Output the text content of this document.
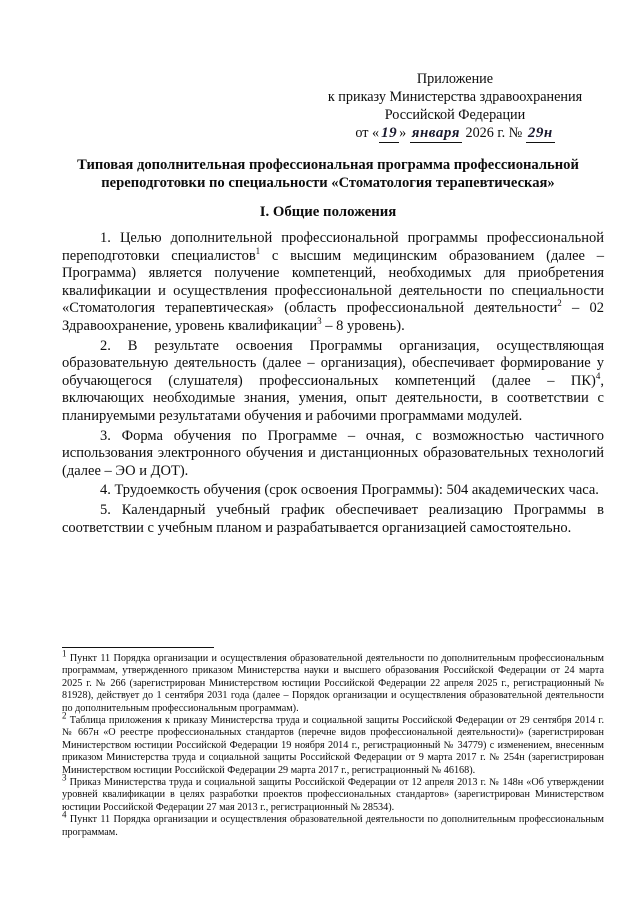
Приложение
к приказу Министерства здравоохранения
Российской Федерации
от « 19 » января 2026 г. № 29н
Типовая дополнительная профессиональная программа профессиональной переподготовки по специальности «Стоматология терапевтическая»
I. Общие положения

1. Целью дополнительной профессиональной программы профессиональной переподготовки специалистов$^1$ с высшим медицинским образованием (далее – Программа) является получение компетенций, необходимых для приобретения квалификации и осуществления профессиональной деятельности по специальности «Стоматология терапевтическая» (область профессиональной деятельности$^2$ – 02 Здравоохранение, уровень квалификации$^3$ – 8 уровень).

2. В результате освоения Программы организация, осуществляющая образовательную деятельность (далее – организация), обеспечивает формирование у обучающегося (слушателя) профессиональных компетенций (далее – ПК)$^4$, включающих необходимые знания, умения, опыт деятельности, в соответствии с планируемыми результатами обучения и рабочими программами модулей.

3. Форма обучения по Программе – очная, с возможностью частичного использования электронного обучения и дистанционных образовательных технологий (далее – ЭО и ДОТ).

4. Трудоемкость обучения (срок освоения Программы): 504 академических часа.

5. Календарный учебный график обеспечивает реализацию Программы в соответствии с учебным планом и разрабатывается организацией самостоятельно.

$^1$ Пункт 11 Порядка организации и осуществления образовательной деятельности по дополнительным профессиональным программам, утвержденного приказом Министерства науки и высшего образования Российской Федерации от 24 марта 2025 г. № 266 (зарегистрирован Министерством юстиции Российской Федерации 22 апреля 2025 г., регистрационный № 81928), действует до 1 сентября 2031 года (далее – Порядок организации и осуществления образовательной деятельности по дополнительным профессиональным программам).

$^2$ Таблица приложения к приказу Министерства труда и социальной защиты Российской Федерации от 29 сентября 2014 г. № 667н «О реестре профессиональных стандартов (перечне видов профессиональной деятельности)» (зарегистрирован Министерством юстиции Российской Федерации 19 ноября 2014 г., регистрационный № 34779) с изменением, внесенным приказом Министерства труда и социальной защиты Российской Федерации от 9 марта 2017 г. № 254н (зарегистрирован Министерством юстиции Российской Федерации 29 марта 2017 г., регистрационный № 46168).

$^3$ Приказ Министерства труда и социальной защиты Российской Федерации от 12 апреля 2013 г. № 148н «Об утверждении уровней квалификации в целях разработки проектов профессиональных стандартов» (зарегистрирован Министерством юстиции Российской Федерации 27 мая 2013 г., регистрационный № 28534).

$^4$ Пункт 11 Порядка организации и осуществления образовательной деятельности по дополнительным профессиональным программам.
